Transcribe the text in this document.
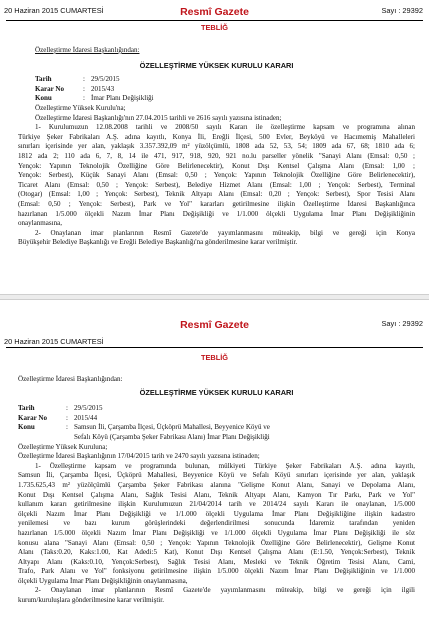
20 Haziran 2015 CUMARTESİ	Resmî Gazete	Sayı : 29392
TEBLİĞ
Özelleştirme İdaresi Başkanlığından:
ÖZELLEŞTİRME YÜKSEK KURULU KARARI
Tarih	: 29/5/2015
Karar No	: 2015/43
Konu	: İmar Planı Değişikliği
Özelleştirme Yüksek Kurulu'na;
Özelleştirme İdaresi Başkanlığı'nın 27.04.2015 tarihli ve 2616 sayılı yazısına istinaden;
1- Kurulumuzun 12.08.2008 tarihli ve 2008/50 sayılı Kararı ile özelleştirme kapsam ve programına alınan
Türkiye Şeker Fabrikaları A.Ş. adına kayıtlı, Konya İli, Ereğli İlçesi, 500 Evler, Beyköyü ve Hacımemiş Mahalleleri
sınırları içerisinde yer alan, yaklaşık 3.357.392,09 m² yüzölçümlü, 1808 ada 52, 53, 54; 1809 ada 67, 68; 1810 ada 6;
1812 ada 2; 110 ada 6, 7, 8, 14 ile 471, 917, 918, 920, 921 no.lu parseller yönelik "Sanayi Alanı (Emsal: 0,50 ;
Yençok: Yapının Teknolojik Özelliğine Göre Belirlenecektir), Konut Dışı Kentsel Çalışma Alanı (Emsal: 1,00 ;
Yençok: Serbest), Küçük Sanayi Alanı (Emsal: 0,50 ; Yençok: Yapının Teknolojik Özelliğine Göre Belirlenecektir),
Ticaret Alanı (Emsal: 0,50 ; Yençok: Serbest), Belediye Hizmet Alanı (Emsal: 1,00 ; Yençok: Serbest), Terminal
(Otogar) (Emsal: 1,00 ; Yençok: Serbest), Teknik Altyapı Alanı (Emsal: 0,20 ; Yençok: Serbest), Spor Tesisi Alanı
(Emsal: 0,50 ; Yençok: Serbest), Park ve Yol" kararları getirilmesine ilişkin Özelleştirme İdaresi Başkanlığınca
hazırlanan 1/5.000 ölçekli Nazım İmar Planı Değişikliği ve 1/1.000 ölçekli Uygulama İmar Planı Değişikliğinin
onaylanmasına,
2- Onaylanan imar planlarının Resmî Gazete'de yayımlanmasını müteakip, bilgi ve gereği için Konya
Büyükşehir Belediye Başkanlığı ve Ereğli Belediye Başkanlığı'na gönderilmesine karar verilmiştir.
Resmî Gazete	Sayı : 29392
20 Haziran 2015 CUMARTESİ
TEBLİĞ
Özelleştirme İdaresi Başkanlığından:
ÖZELLEŞTİRME YÜKSEK KURULU KARARI
Tarih	: 29/5/2015
Karar No	: 2015/44
Konu	: Samsun İli, Çarşamba İlçesi, Üçköprü Mahallesi, Beyyenice Köyü ve
Sefalı Köyü (Çarşamba Şeker Fabrikası Alanı) İmar Planı Değişikliği
Özelleştirme Yüksek Kuruluna;
Özelleştirme İdaresi Başkanlığının 17/04/2015 tarih ve 2470 sayılı yazısına istinaden;
1- Özelleştirme kapsam ve programında bulunan, mülkiyeti Türkiye Şeker Fabrikaları A.Ş. adına kayıtlı,
Samsun İli, Çarşamba İlçesi, Üçköprü Mahallesi, Beyyenice Köyü ve Sefalı Köyü sınırları içerisinde yer alan, yaklaşık
1.735.625,43 m² yüzölçümlü Çarşamba Şeker Fabrikası alanına "Gelişme Konut Alanı, Sanayi ve Depolama Alanı,
Konut Dışı Kentsel Çalışma Alanı, Sağlık Tesisi Alanı, Teknik Altyapı Alanı, Kamyon Tır Parkı, Park ve Yol"
kullanım kararı getirilmesine ilişkin Kurulumuzun 21/04/2014 tarih ve 2014/24 sayılı Kararı ile onaylanan, 1/5.000
ölçekli Nazım İmar Planı Değişikliği ve 1/1.000 ölçekli Uygulama İmar Planı Değişikliğine ilişkin kadastro
yenilemesi ve bazı kurum görüşlerindeki değerlendirilmesi sonucunda İdaremiz tarafından yeniden
hazırlanan 1/5.000 ölçekli Nazım İmar Planı Değişikliği ve 1/1.000 ölçekli Uygulama İmar Planı Değişikliği ile söz
konusu alana "Sanayi Alanı (Emsal: 0,50 ; Yençok: Yapının Teknolojik Özelliğine Göre Belirlenecektir), Gelişme Konut
Alanı (Taks:0.20, Kaks:1.00, Kat Adedi:5 Kat), Konut Dışı Kentsel Çalışma Alanı (E:1.50, Yençok:Serbest), Teknik
Altyapı Alanı (Kaks:0.10, Yençok:Serbest), Sağlık Tesisi Alanı, Mesleki ve Teknik Öğretim Tesisi Alanı, Cami,
Trafo, Park Alanı ve Yol" fonksiyonu getirilmesine ilişkin 1/5.000 ölçekli Nazım İmar Planı Değişikliğinin ve 1/1.000
ölçekli Uygulama İmar Planı Değişikliğinin onaylanmasına,
2- Onaylanan imar planlarının Resmî Gazete'de yayımlanmasını müteakip, bilgi ve gereği için ilgili
kurum/kuruluşlara gönderilmesine karar verilmiştir.
